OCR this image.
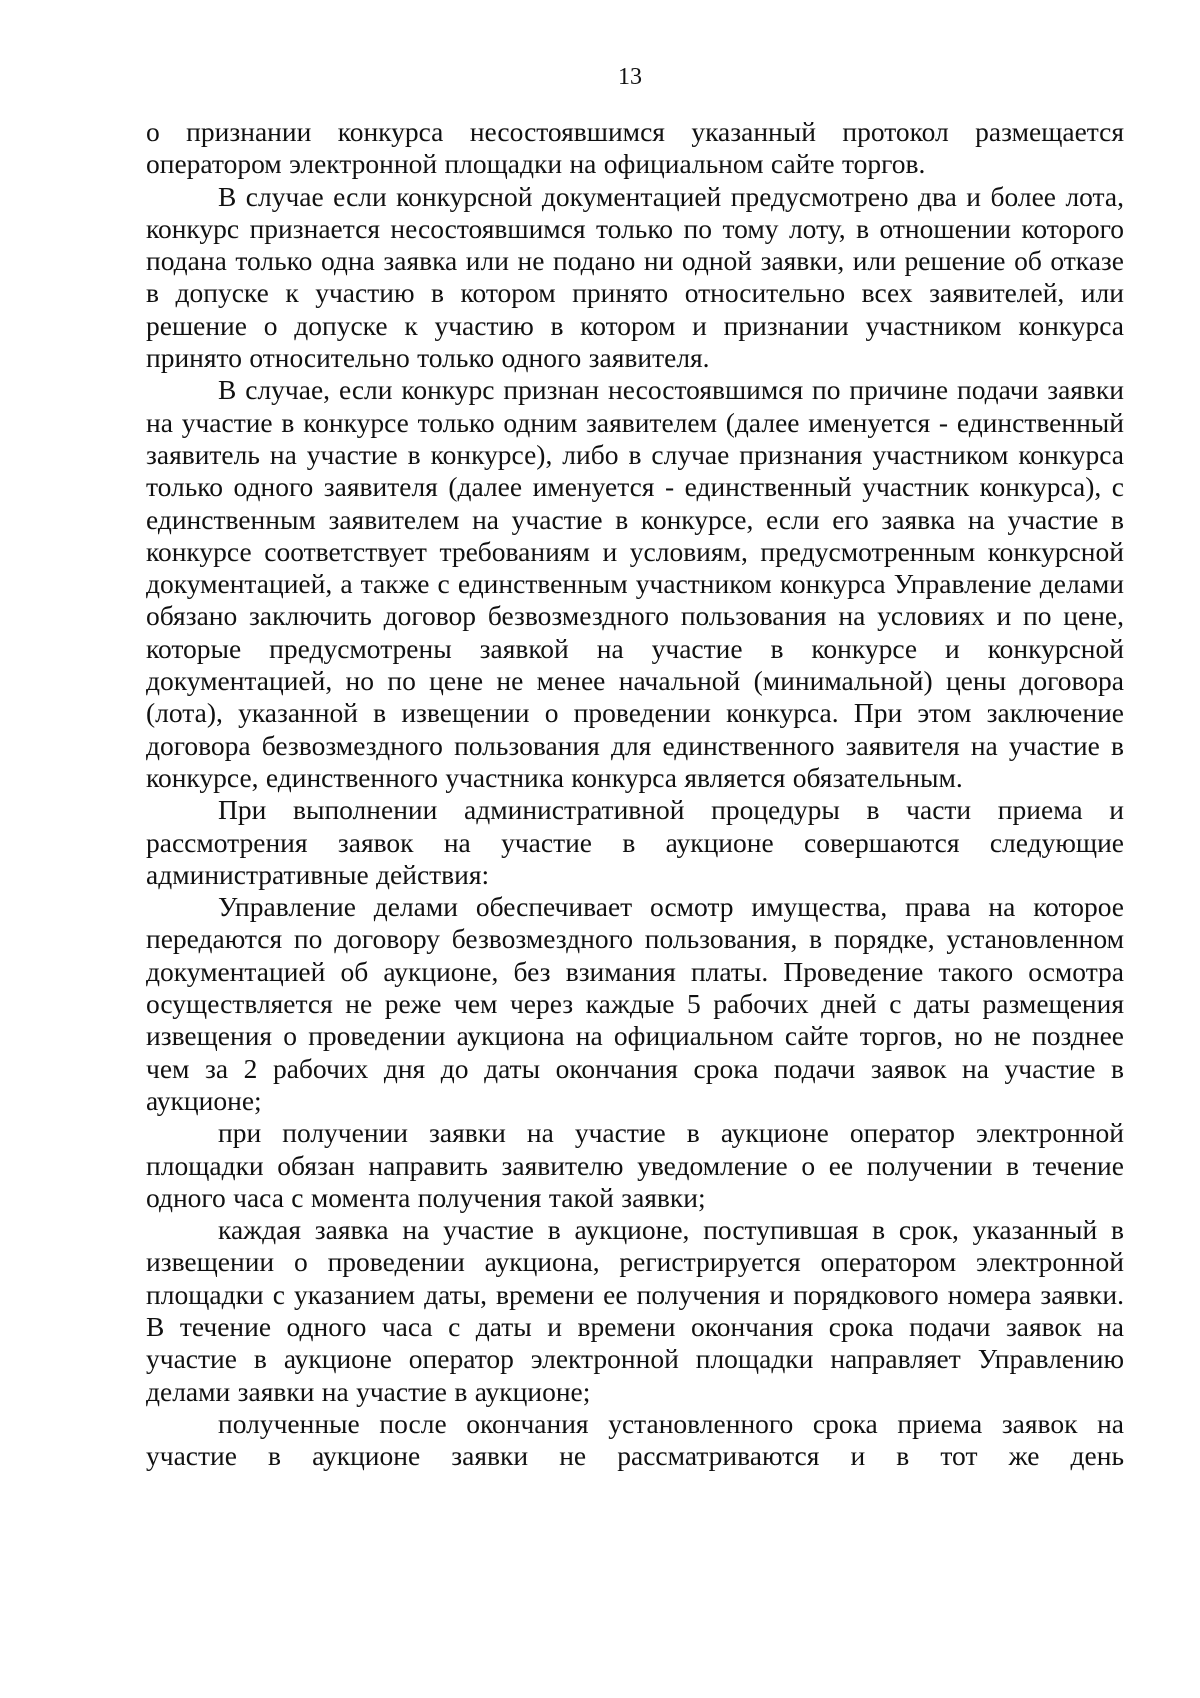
13

о признании конкурса несостоявшимся указанный протокол размещается оператором электронной площадки на официальном сайте торгов.

В случае если конкурсной документацией предусмотрено два и более лота, конкурс признается несостоявшимся только по тому лоту, в отношении которого подана только одна заявка или не подано ни одной заявки, или решение об отказе в допуске к участию в котором принято относительно всех заявителей, или решение о допуске к участию в котором и признании участником конкурса принято относительно только одного заявителя.

В случае, если конкурс признан несостоявшимся по причине подачи заявки на участие в конкурсе только одним заявителем (далее именуется - единственный заявитель на участие в конкурсе), либо в случае признания участником конкурса только одного заявителя (далее именуется - единственный участник конкурса), с единственным заявителем на участие в конкурсе, если его заявка на участие в конкурсе соответствует требованиям и условиям, предусмотренным конкурсной документацией, а также с единственным участником конкурса Управление делами обязано заключить договор безвозмездного пользования на условиях и по цене, которые предусмотрены заявкой на участие в конкурсе и конкурсной документацией, но по цене не менее начальной (минимальной) цены договора (лота), указанной в извещении о проведении конкурса. При этом заключение договора безвозмездного пользования для единственного заявителя на участие в конкурсе, единственного участника конкурса является обязательным.

При выполнении административной процедуры в части приема и рассмотрения заявок на участие в аукционе совершаются следующие административные действия:

Управление делами обеспечивает осмотр имущества, права на которое передаются по договору безвозмездного пользования, в порядке, установленном документацией об аукционе, без взимания платы. Проведение такого осмотра осуществляется не реже чем через каждые 5 рабочих дней с даты размещения извещения о проведении аукциона на официальном сайте торгов, но не позднее чем за 2 рабочих дня до даты окончания срока подачи заявок на участие в аукционе;

при получении заявки на участие в аукционе оператор электронной площадки обязан направить заявителю уведомление о ее получении в течение одного часа с момента получения такой заявки;

каждая заявка на участие в аукционе, поступившая в срок, указанный в извещении о проведении аукциона, регистрируется оператором электронной площадки с указанием даты, времени ее получения и порядкового номера заявки. В течение одного часа с даты и времени окончания срока подачи заявок на участие в аукционе оператор электронной площадки направляет Управлению делами заявки на участие в аукционе;

полученные после окончания установленного срока приема заявок на участие в аукционе заявки не рассматриваются и в тот же день
